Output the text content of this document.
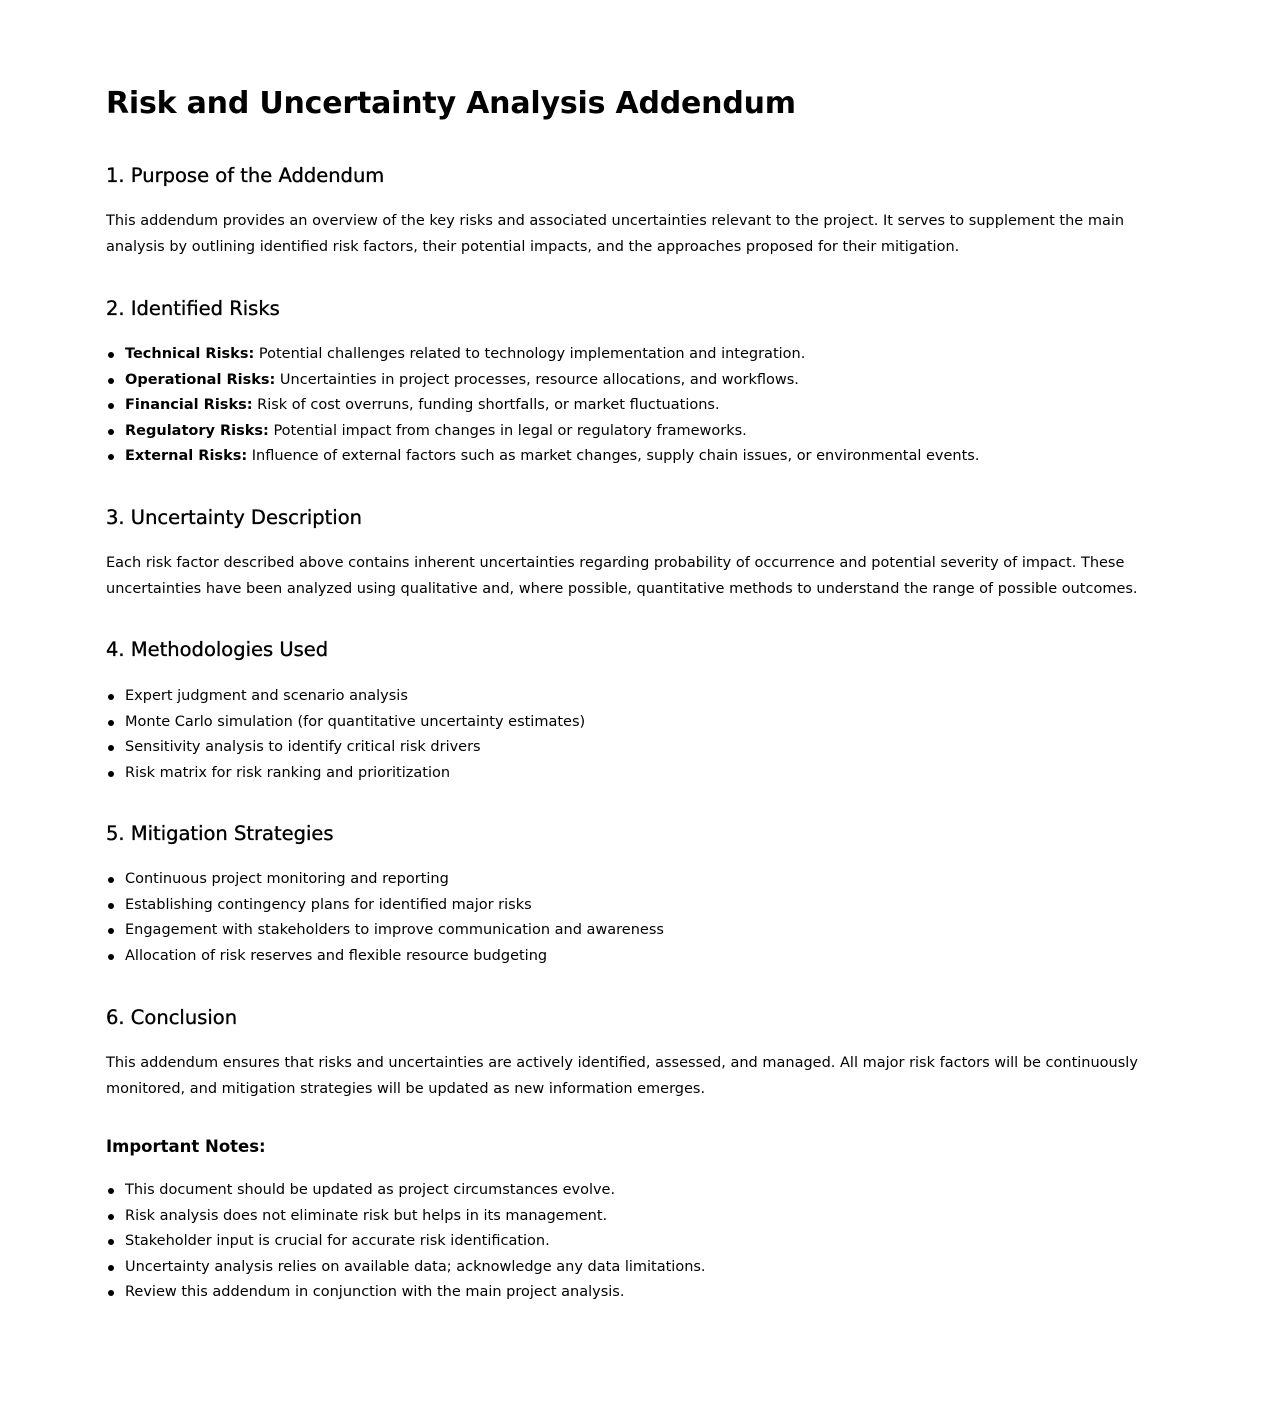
Risk and Uncertainty Analysis Addendum
1. Purpose of the Addendum

This addendum provides an overview of the key risks and associated uncertainties relevant to the project. It serves to supplement the main analysis by outlining identified risk factors, their potential impacts, and the approaches proposed for their mitigation.

2. Identified Risks
Technical Risks: Potential challenges related to technology implementation and integration.
Operational Risks: Uncertainties in project processes, resource allocations, and workflows.
Financial Risks: Risk of cost overruns, funding shortfalls, or market fluctuations.
Regulatory Risks: Potential impact from changes in legal or regulatory frameworks.
External Risks: Influence of external factors such as market changes, supply chain issues, or environmental events.
3. Uncertainty Description

Each risk factor described above contains inherent uncertainties regarding probability of occurrence and potential severity of impact. These uncertainties have been analyzed using qualitative and, where possible, quantitative methods to understand the range of possible outcomes.

4. Methodologies Used
Expert judgment and scenario analysis
Monte Carlo simulation (for quantitative uncertainty estimates)
Sensitivity analysis to identify critical risk drivers
Risk matrix for risk ranking and prioritization
5. Mitigation Strategies
Continuous project monitoring and reporting
Establishing contingency plans for identified major risks
Engagement with stakeholders to improve communication and awareness
Allocation of risk reserves and flexible resource budgeting
6. Conclusion

This addendum ensures that risks and uncertainties are actively identified, assessed, and managed. All major risk factors will be continuously monitored, and mitigation strategies will be updated as new information emerges.

Important Notes:
This document should be updated as project circumstances evolve.
Risk analysis does not eliminate risk but helps in its management.
Stakeholder input is crucial for accurate risk identification.
Uncertainty analysis relies on available data; acknowledge any data limitations.
Review this addendum in conjunction with the main project analysis.
